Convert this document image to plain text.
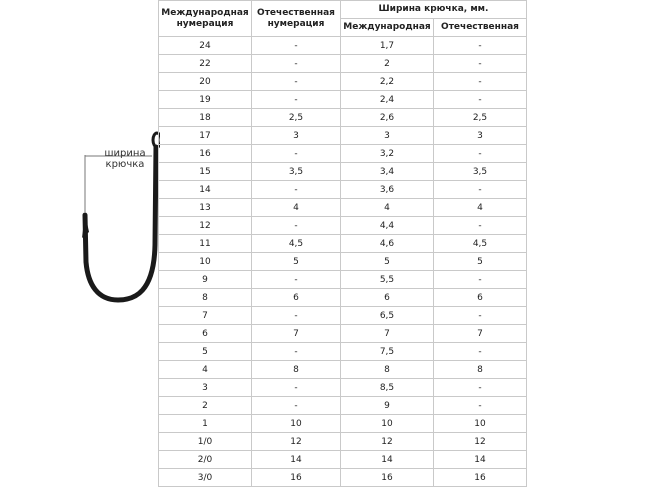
ширина
крючка
Международная нумерация	Отечественная нумерация	Ширина крючка, мм.	
		Международная	Отечественная
24	-	1,7	-
22	-	2	-
20	-	2,2	-
19	-	2,4	-
18	2,5	2,6	2,5
17	3	3	3
16	-	3,2	-
15	3,5	3,4	3,5
14	-	3,6	-
13	4	4	4
12	-	4,4	-
11	4,5	4,6	4,5
10	5	5	5
9	-	5,5	-
8	6	6	6
7	-	6,5	-
6	7	7	7
5	-	7,5	-
4	8	8	8
3	-	8,5	-
2	-	9	-
1	10	10	10
1/0	12	12	12
2/0	14	14	14
3/0	16	16	16
